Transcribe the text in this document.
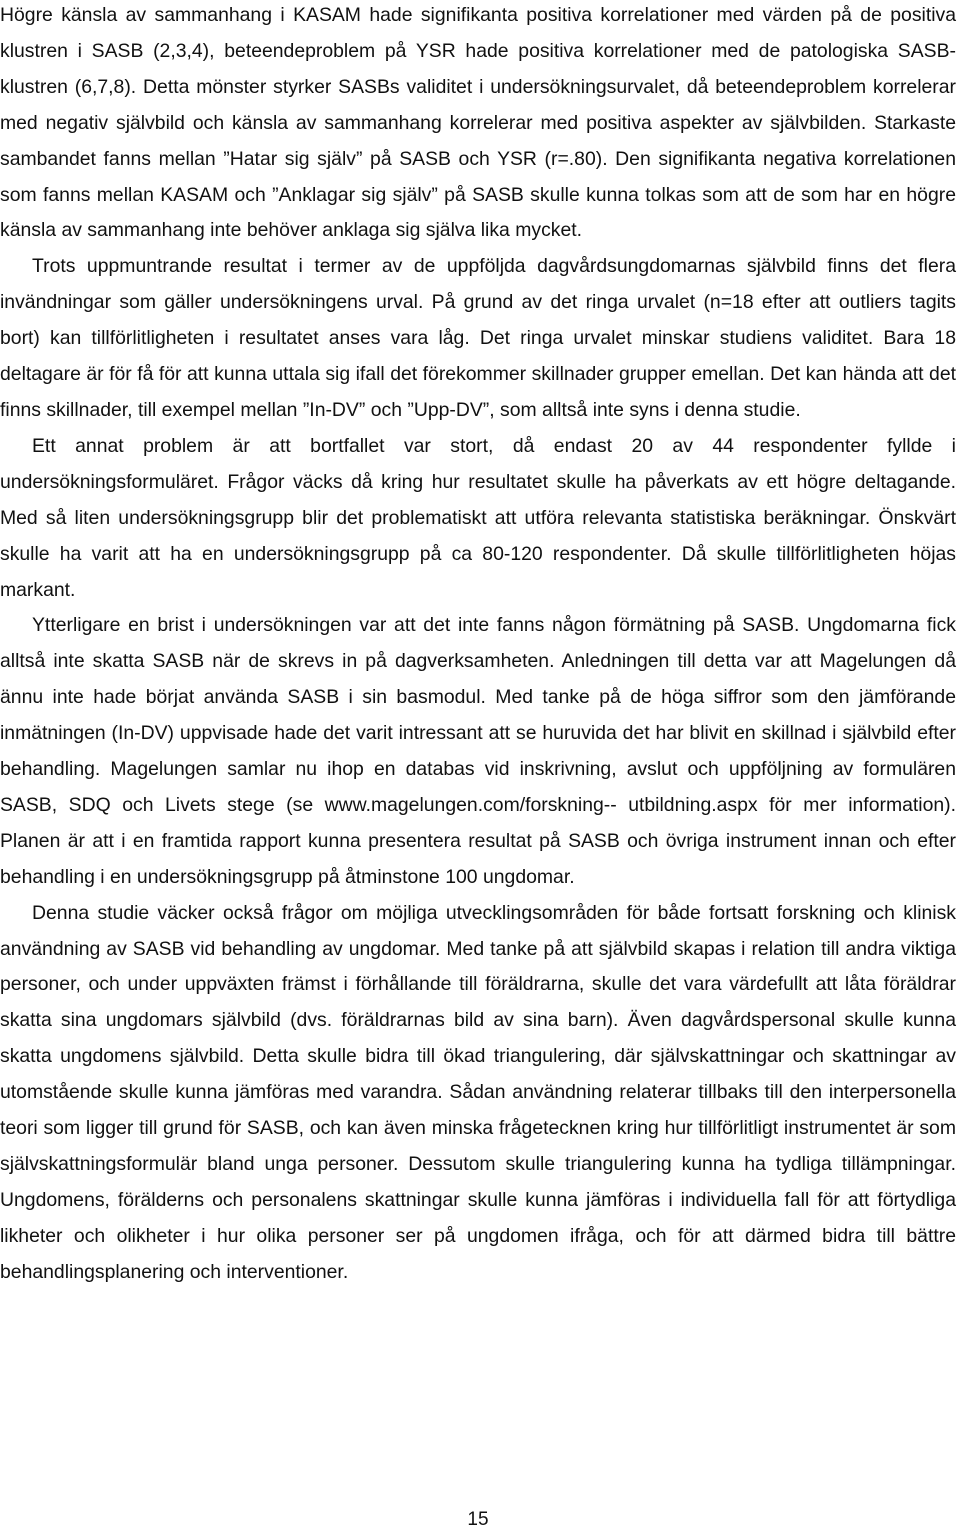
Högre känsla av sammanhang i KASAM hade signifikanta positiva korrelationer med värden på de positiva klustren i SASB (2,3,4), beteendeproblem på YSR hade positiva korrelationer med de patologiska SASB-klustren (6,7,8). Detta mönster styrker SASBs validitet i undersökningsurvalet, då beteendeproblem korrelerar med negativ självbild och känsla av sammanhang korrelerar med positiva aspekter av självbilden. Starkaste sambandet fanns mellan ”Hatar sig själv” på SASB och YSR (r=.80). Den signifikanta negativa korrelationen som fanns mellan KASAM och ”Anklagar sig själv” på SASB skulle kunna tolkas som att de som har en högre känsla av sammanhang inte behöver anklaga sig själva lika mycket.

Trots uppmuntrande resultat i termer av de uppföljda dagvårdsungdomarnas självbild finns det flera invändningar som gäller undersökningens urval. På grund av det ringa urvalet (n=18 efter att outliers tagits bort) kan tillförlitligheten i resultatet anses vara låg. Det ringa urvalet minskar studiens validitet. Bara 18 deltagare är för få för att kunna uttala sig ifall det förekommer skillnader grupper emellan. Det kan hända att det finns skillnader, till exempel mellan ”In-DV” och ”Upp-DV”, som alltså inte syns i denna studie.

Ett annat problem är att bortfallet var stort, då endast 20 av 44 respondenter fyllde i undersökningsformuläret. Frågor väcks då kring hur resultatet skulle ha påverkats av ett högre deltagande. Med så liten undersökningsgrupp blir det problematiskt att utföra relevanta statistiska beräkningar. Önskvärt skulle ha varit att ha en undersökningsgrupp på ca 80-120 respondenter. Då skulle tillförlitligheten höjas markant.

Ytterligare en brist i undersökningen var att det inte fanns någon förmätning på SASB. Ungdomarna fick alltså inte skatta SASB när de skrevs in på dagverksamheten. Anledningen till detta var att Magelungen då ännu inte hade börjat använda SASB i sin basmodul. Med tanke på de höga siffror som den jämförande inmätningen (In-DV) uppvisade hade det varit intressant att se huruvida det har blivit en skillnad i självbild efter behandling. Magelungen samlar nu ihop en databas vid inskrivning, avslut och uppföljning av formulären SASB, SDQ och Livets stege (se www.magelungen.com/forskning-- utbildning.aspx för mer information). Planen är att i en framtida rapport kunna presentera resultat på SASB och övriga instrument innan och efter behandling i en undersökningsgrupp på åtminstone 100 ungdomar.

Denna studie väcker också frågor om möjliga utvecklingsområden för både fortsatt forskning och klinisk användning av SASB vid behandling av ungdomar. Med tanke på att självbild skapas i relation till andra viktiga personer, och under uppväxten främst i förhållande till föräldrarna, skulle det vara värdefullt att låta föräldrar skatta sina ungdomars självbild (dvs. föräldrarnas bild av sina barn). Även dagvårdspersonal skulle kunna skatta ungdomens självbild. Detta skulle bidra till ökad triangulering, där självskattningar och skattningar av utomstående skulle kunna jämföras med varandra. Sådan användning relaterar tillbaks till den interpersonella teori som ligger till grund för SASB, och kan även minska frågetecknen kring hur tillförlitligt instrumentet är som självskattningsformulär bland unga personer. Dessutom skulle triangulering kunna ha tydliga tillämpningar. Ungdomens, förälderns och personalens skattningar skulle kunna jämföras i individuella fall för att förtydliga likheter och olikheter i hur olika personer ser på ungdomen ifråga, och för att därmed bidra till bättre behandlingsplanering och interventioner.

15
